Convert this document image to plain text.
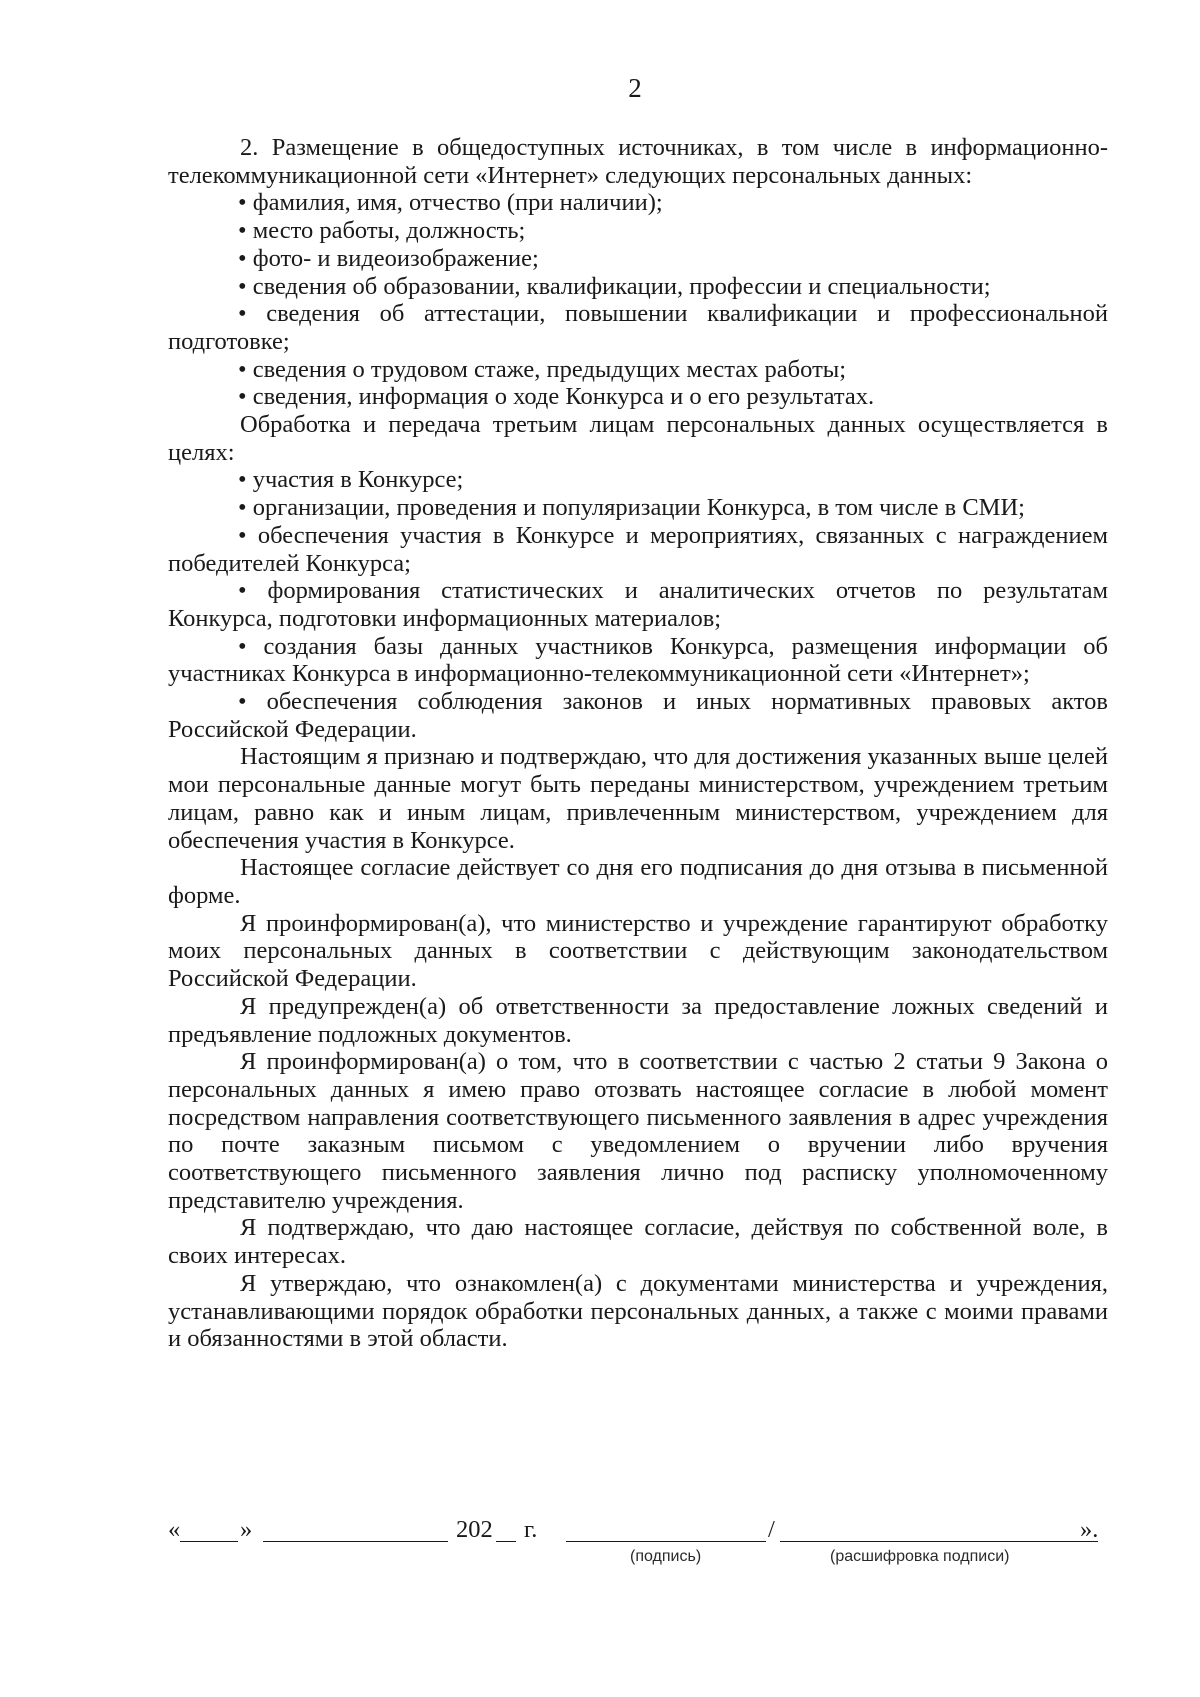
2

2. Размещение в общедоступных источниках, в том числе в информационно-телекоммуникационной сети «Интернет» следующих персональных данных:

• фамилия, имя, отчество (при наличии);

• место работы, должность;

• фото- и видеоизображение;

• сведения об образовании, квалификации, профессии и специальности;

• сведения об аттестации, повышении квалификации и профессиональной подготовке;

• сведения о трудовом стаже, предыдущих местах работы;

• сведения, информация о ходе Конкурса и о его результатах.

Обработка и передача третьим лицам персональных данных осуществляется в целях:

• участия в Конкурсе;

• организации, проведения и популяризации Конкурса, в том числе в СМИ;

• обеспечения участия в Конкурсе и мероприятиях, связанных с награждением победителей Конкурса;

• формирования статистических и аналитических отчетов по результатам Конкурса, подготовки информационных материалов;

• создания базы данных участников Конкурса, размещения информации об участниках Конкурса в информационно-телекоммуникационной сети «Интернет»;

• обеспечения соблюдения законов и иных нормативных правовых актов Российской Федерации.

Настоящим я признаю и подтверждаю, что для достижения указанных выше целей мои персональные данные могут быть переданы министерством, учреждением третьим лицам, равно как и иным лицам, привлеченным министерством, учреждением для обеспечения участия в Конкурсе.

Настоящее согласие действует со дня его подписания до дня отзыва в письменной форме.

Я проинформирован(а), что министерство и учреждение гарантируют обработку моих персональных данных в соответствии с действующим законодательством Российской Федерации.

Я предупрежден(а) об ответственности за предоставление ложных сведений и предъявление подложных документов.

Я проинформирован(а) о том, что в соответствии с частью 2 статьи 9 Закона о персональных данных я имею право отозвать настоящее согласие в любой момент посредством направления соответствующего письменного заявления в адрес учреждения по почте заказным письмом с уведомлением о вручении либо вручения соответствующего письменного заявления лично под расписку уполномоченному представителю учреждения.

Я подтверждаю, что даю настоящее согласие, действуя по собственной воле, в своих интересах.

Я утверждаю, что ознакомлен(а) с документами министерства и учреждения, устанавливающими порядок обработки персональных данных, а также с моими правами и обязанностями в этой области.

« »	202 г.	/	».
(подпись)	(расшифровка подписи)
